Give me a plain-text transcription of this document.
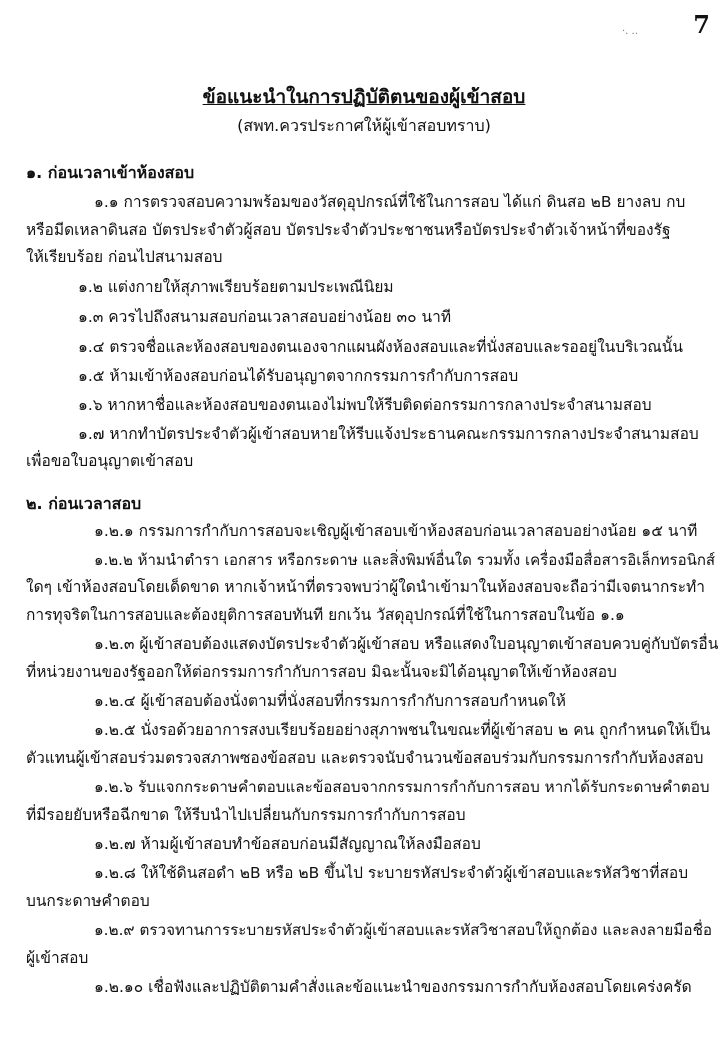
7
·. ..
ข้อแนะนำในการปฏิบัติตนของผู้เข้าสอบ
(สพท.ควรประกาศให้ผู้เข้าสอบทราบ)
๑. ก่อนเวลาเข้าห้องสอบ
๑.๑ การตรวจสอบความพร้อมของวัสดุอุปกรณ์ที่ใช้ในการสอบ ได้แก่ ดินสอ ๒B ยางลบ กบ
หรือมีดเหลาดินสอ บัตรประจำตัวผู้สอบ บัตรประจำตัวประชาชนหรือบัตรประจำตัวเจ้าหน้าที่ของรัฐ
ให้เรียบร้อย ก่อนไปสนามสอบ
๑.๒ แต่งกายให้สุภาพเรียบร้อยตามประเพณีนิยม
๑.๓ ควรไปถึงสนามสอบก่อนเวลาสอบอย่างน้อย ๓๐ นาที
๑.๔ ตรวจชื่อและห้องสอบของตนเองจากแผนผังห้องสอบและที่นั่งสอบและรออยู่ในบริเวณนั้น
๑.๕ ห้ามเข้าห้องสอบก่อนได้รับอนุญาตจากกรรมการกำกับการสอบ
๑.๖ หากหาชื่อและห้องสอบของตนเองไม่พบให้รีบติดต่อกรรมการกลางประจำสนามสอบ
๑.๗ หากทำบัตรประจำตัวผู้เข้าสอบหายให้รีบแจ้งประธานคณะกรรมการกลางประจำสนามสอบ
เพื่อขอใบอนุญาตเข้าสอบ
๒. ก่อนเวลาสอบ
๑.๒.๑ กรรมการกำกับการสอบจะเชิญผู้เข้าสอบเข้าห้องสอบก่อนเวลาสอบอย่างน้อย ๑๕ นาที
๑.๒.๒ ห้ามนำตำรา เอกสาร หรือกระดาษ และสิ่งพิมพ์อื่นใด รวมทั้ง เครื่องมือสื่อสารอิเล็กทรอนิกส์
ใดๆ เข้าห้องสอบโดยเด็ดขาด หากเจ้าหน้าที่ตรวจพบว่าผู้ใดนำเข้ามาในห้องสอบจะถือว่ามีเจตนากระทำ
การทุจริตในการสอบและต้องยุติการสอบทันที ยกเว้น วัสดุอุปกรณ์ที่ใช้ในการสอบในข้อ ๑.๑
๑.๒.๓ ผู้เข้าสอบต้องแสดงบัตรประจำตัวผู้เข้าสอบ หรือแสดงใบอนุญาตเข้าสอบควบคู่กับบัตรอื่น
ที่หน่วยงานของรัฐออกให้ต่อกรรมการกำกับการสอบ มิฉะนั้นจะมิได้อนุญาตให้เข้าห้องสอบ
๑.๒.๔ ผู้เข้าสอบต้องนั่งตามที่นั่งสอบที่กรรมการกำกับการสอบกำหนดให้
๑.๒.๕ นั่งรอด้วยอาการสงบเรียบร้อยอย่างสุภาพชนในขณะที่ผู้เข้าสอบ ๒ คน ถูกกำหนดให้เป็น
ตัวแทนผู้เข้าสอบร่วมตรวจสภาพซองข้อสอบ และตรวจนับจำนวนข้อสอบร่วมกับกรรมการกำกับห้องสอบ
๑.๒.๖ รับแจกกระดาษคำตอบและข้อสอบจากกรรมการกำกับการสอบ หากได้รับกระดาษคำตอบ
ที่มีรอยยับหรือฉีกขาด ให้รีบนำไปเปลี่ยนกับกรรมการกำกับการสอบ
๑.๒.๗ ห้ามผู้เข้าสอบทำข้อสอบก่อนมีสัญญาณให้ลงมือสอบ
๑.๒.๘ ให้ใช้ดินสอดำ ๒B หรือ ๒B ขึ้นไป ระบายรหัสประจำตัวผู้เข้าสอบและรหัสวิชาที่สอบ
บนกระดาษคำตอบ
๑.๒.๙ ตรวจทานการระบายรหัสประจำตัวผู้เข้าสอบและรหัสวิชาสอบให้ถูกต้อง และลงลายมือชื่อ
ผู้เข้าสอบ
๑.๒.๑๐ เชื่อฟังและปฏิบัติตามคำสั่งและข้อแนะนำของกรรมการกำกับห้องสอบโดยเคร่งครัด
